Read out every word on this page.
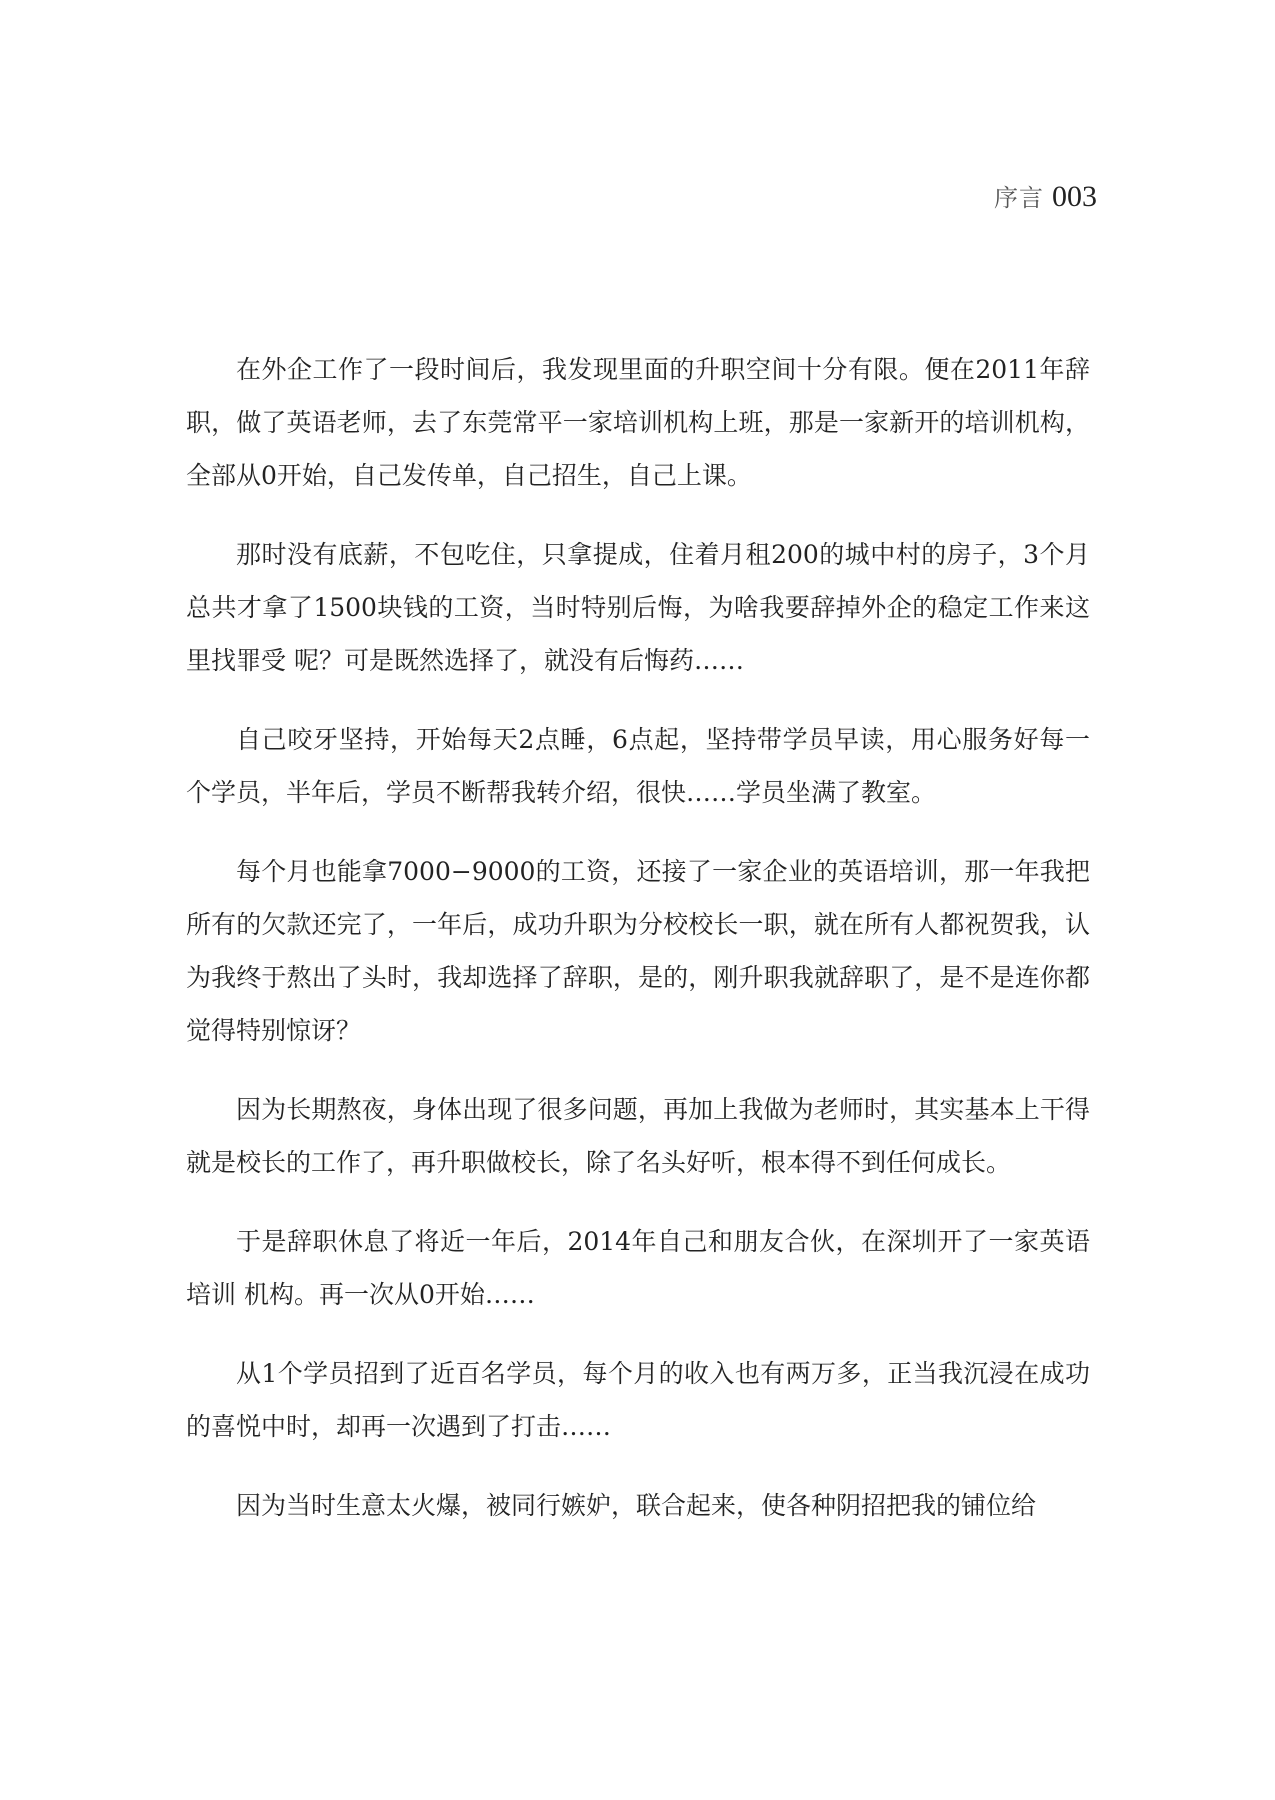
序言 003

在外企工作了一段时间后，我发现里面的升职空间十分有限。便在2011年辞职，做了英语老师，去了东莞常平一家培训机构上班，那是一家新开的培训机构，全部从0开始，自己发传单，自己招生，自己上课。

那时没有底薪，不包吃住，只拿提成，住着月租200的城中村的房子，3个月总共才拿了1500块钱的工资，当时特别后悔，为啥我要辞掉外企的稳定工作来这里找罪受 呢？可是既然选择了，就没有后悔药……

自己咬牙坚持，开始每天2点睡，6点起，坚持带学员早读，用心服务好每一个学员，半年后，学员不断帮我转介绍，很快……学员坐满了教室。

每个月也能拿7000−9000的工资，还接了一家企业的英语培训，那一年我把所有的欠款还完了，一年后，成功升职为分校校长一职，就在所有人都祝贺我，认为我终于熬出了头时，我却选择了辞职，是的，刚升职我就辞职了，是不是连你都觉得特别惊讶？

因为长期熬夜，身体出现了很多问题，再加上我做为老师时，其实基本上干得就是校长的工作了，再升职做校长，除了名头好听，根本得不到任何成长。

于是辞职休息了将近一年后，2014年自己和朋友合伙，在深圳开了一家英语培训 机构。再一次从0开始……

从1个学员招到了近百名学员，每个月的收入也有两万多，正当我沉浸在成功的喜悦中时，却再一次遇到了打击……

因为当时生意太火爆，被同行嫉妒，联合起来，使各种阴招把我的铺位给
